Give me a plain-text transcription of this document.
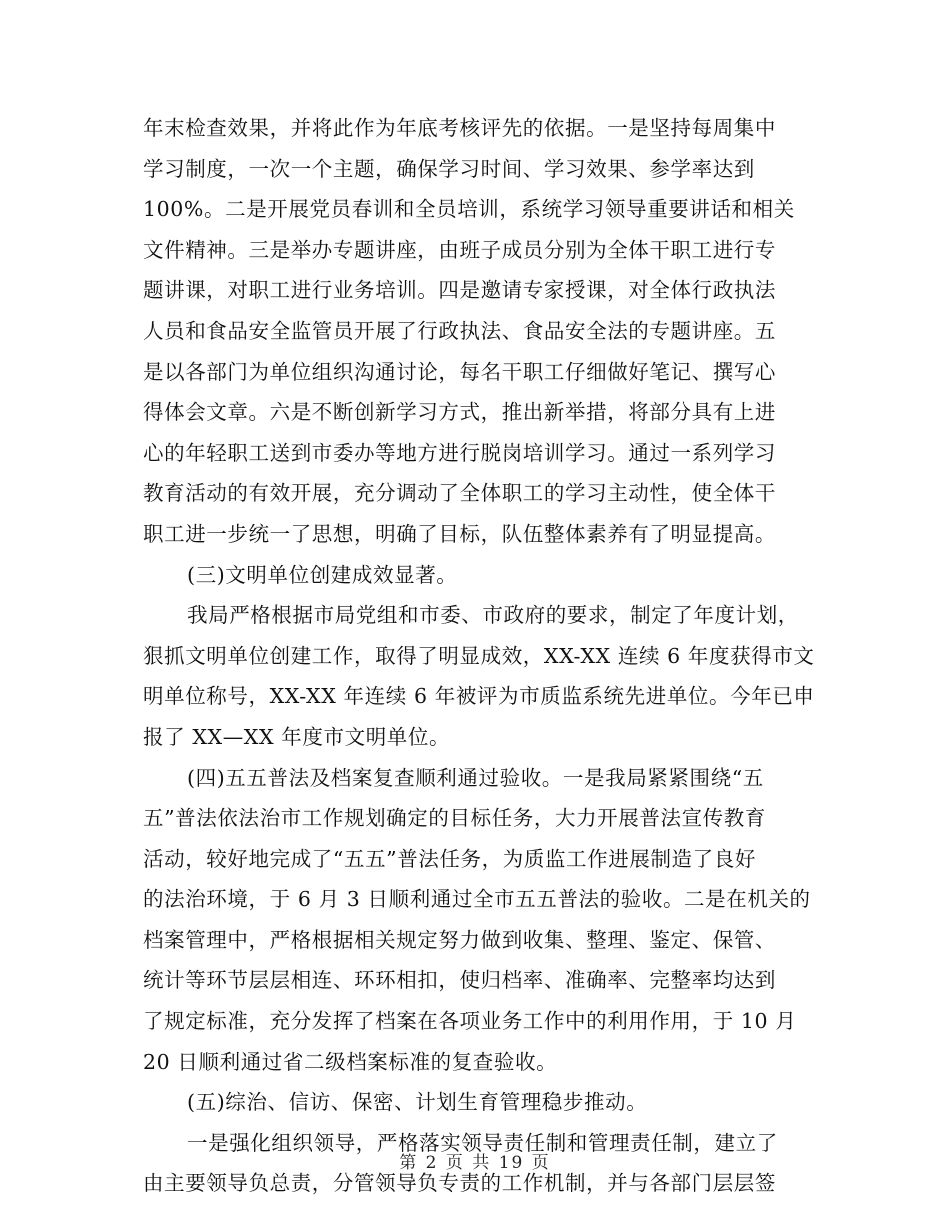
年末检查效果，并将此作为年底考核评先的依据。一是坚持每周集中
学习制度，一次一个主题，确保学习时间、学习效果、参学率达到
100%。二是开展党员春训和全员培训，系统学习领导重要讲话和相关
文件精神。三是举办专题讲座，由班子成员分别为全体干职工进行专
题讲课，对职工进行业务培训。四是邀请专家授课，对全体行政执法
人员和食品安全监管员开展了行政执法、食品安全法的专题讲座。五
是以各部门为单位组织沟通讨论，每名干职工仔细做好笔记、撰写心
得体会文章。六是不断创新学习方式，推出新举措，将部分具有上进
心的年轻职工送到市委办等地方进行脱岗培训学习。通过一系列学习
教育活动的有效开展，充分调动了全体职工的学习主动性，使全体干
职工进一步统一了思想，明确了目标，队伍整体素养有了明显提高。
(三)文明单位创建成效显著。
我局严格根据市局党组和市委、市政府的要求，制定了年度计划，
狠抓文明单位创建工作，取得了明显成效，XX-XX 连续 6 年度获得市文
明单位称号，XX-XX 年连续 6 年被评为市质监系统先进单位。今年已申
报了 XX—XX 年度市文明单位。
(四)五五普法及档案复查顺利通过验收。一是我局紧紧围绕“五
五”普法依法治市工作规划确定的目标任务，大力开展普法宣传教育
活动，较好地完成了“五五”普法任务，为质监工作进展制造了良好
的法治环境，于 6 月 3 日顺利通过全市五五普法的验收。二是在机关的
档案管理中，严格根据相关规定努力做到收集、整理、鉴定、保管、
统计等环节层层相连、环环相扣，使归档率、准确率、完整率均达到
了规定标准，充分发挥了档案在各项业务工作中的利用作用，于 10 月
20 日顺利通过省二级档案标准的复查验收。
(五)综治、信访、保密、计划生育管理稳步推动。
一是强化组织领导，严格落实领导责任制和管理责任制，建立了
由主要领导负总责，分管领导负专责的工作机制，并与各部门层层签
第 2 页 共 19 页
